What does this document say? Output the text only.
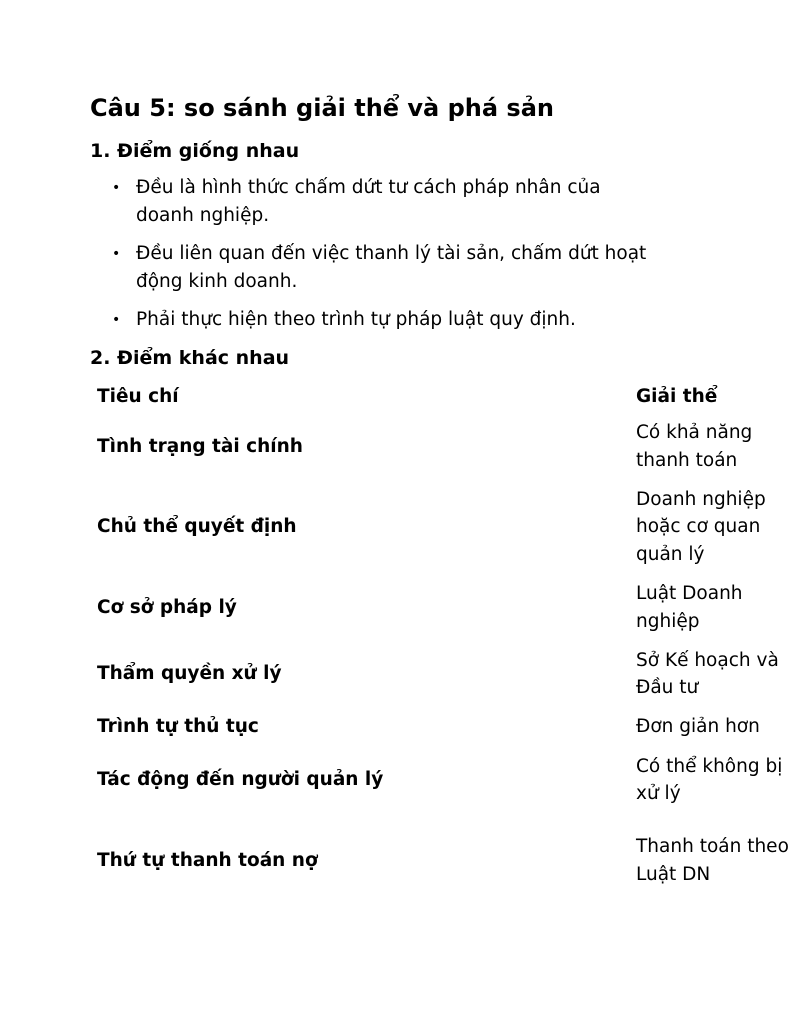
Câu 5: so sánh giải thể và phá sản
1. Điểm giống nhau
• Đều là hình thức chấm dứt tư cách pháp nhân của doanh nghiệp.
• Đều liên quan đến việc thanh lý tài sản, chấm dứt hoạt động kinh doanh.
• Phải thực hiện theo trình tự pháp luật quy định.
2. Điểm khác nhau
Tiêu chí	Giải thể
Tình trạng tài chính	Có khả năng thanh toán
Chủ thể quyết định	Doanh nghiệp hoặc cơ quan quản lý
Cơ sở pháp lý	Luật Doanh nghiệp
Thẩm quyền xử lý	Sở Kế hoạch và Đầu tư
Trình tự thủ tục	Đơn giản hơn
Tác động đến người quản lý	Có thể không bị xử lý
Thứ tự thanh toán nợ	Thanh toán theo Luật DN
